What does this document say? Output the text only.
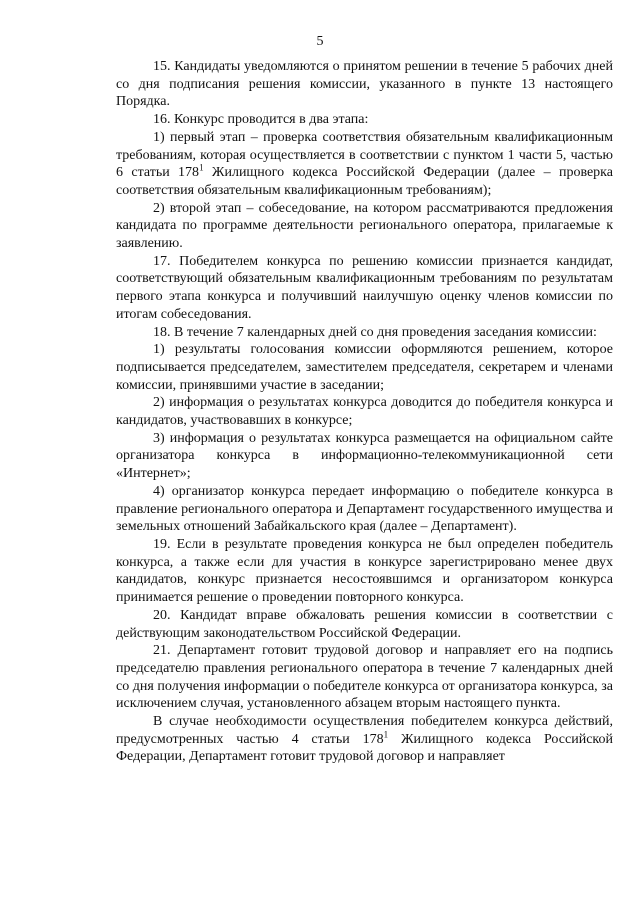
5

15. Кандидаты уведомляются о принятом решении в течение 5 рабочих дней со дня подписания решения комиссии, указанного в пункте 13 настоящего Порядка.

16. Конкурс проводится в два этапа:

1) первый этап – проверка соответствия обязательным квалификационным требованиям, которая осуществляется в соответствии с пунктом 1 части 5, частью 6 статьи $178^1$ Жилищного кодекса Российской Федерации (далее – проверка соответствия обязательным квалификационным требованиям);

2) второй этап – собеседование, на котором рассматриваются предложения кандидата по программе деятельности регионального оператора, прилагаемые к заявлению.

17. Победителем конкурса по решению комиссии признается кандидат, соответствующий обязательным квалификационным требованиям по результатам первого этапа конкурса и получивший наилучшую оценку членов комиссии по итогам собеседования.

18. В течение 7 календарных дней со дня проведения заседания комиссии:

1) результаты голосования комиссии оформляются решением, которое подписывается председателем, заместителем председателя, секретарем и членами комиссии, принявшими участие в заседании;

2) информация о результатах конкурса доводится до победителя конкурса и кандидатов, участвовавших в конкурсе;

3) информация о результатах конкурса размещается на официальном сайте организатора конкурса в информационно-телекоммуникационной сети «Интернет»;

4) организатор конкурса передает информацию о победителе конкурса в правление регионального оператора и Департамент государственного имущества и земельных отношений Забайкальского края (далее – Департамент).

19. Если в результате проведения конкурса не был определен победитель конкурса, а также если для участия в конкурсе зарегистрировано менее двух кандидатов, конкурс признается несостоявшимся и организатором конкурса принимается решение о проведении повторного конкурса.

20. Кандидат вправе обжаловать решения комиссии в соответствии с действующим законодательством Российской Федерации.

21. Департамент готовит трудовой договор и направляет его на подпись председателю правления регионального оператора в течение 7 календарных дней со дня получения информации о победителе конкурса от организатора конкурса, за исключением случая, установленного абзацем вторым настоящего пункта.

В случае необходимости осуществления победителем конкурса действий, предусмотренных частью 4 статьи $178^1$ Жилищного кодекса Российской Федерации, Департамент готовит трудовой договор и направляет
